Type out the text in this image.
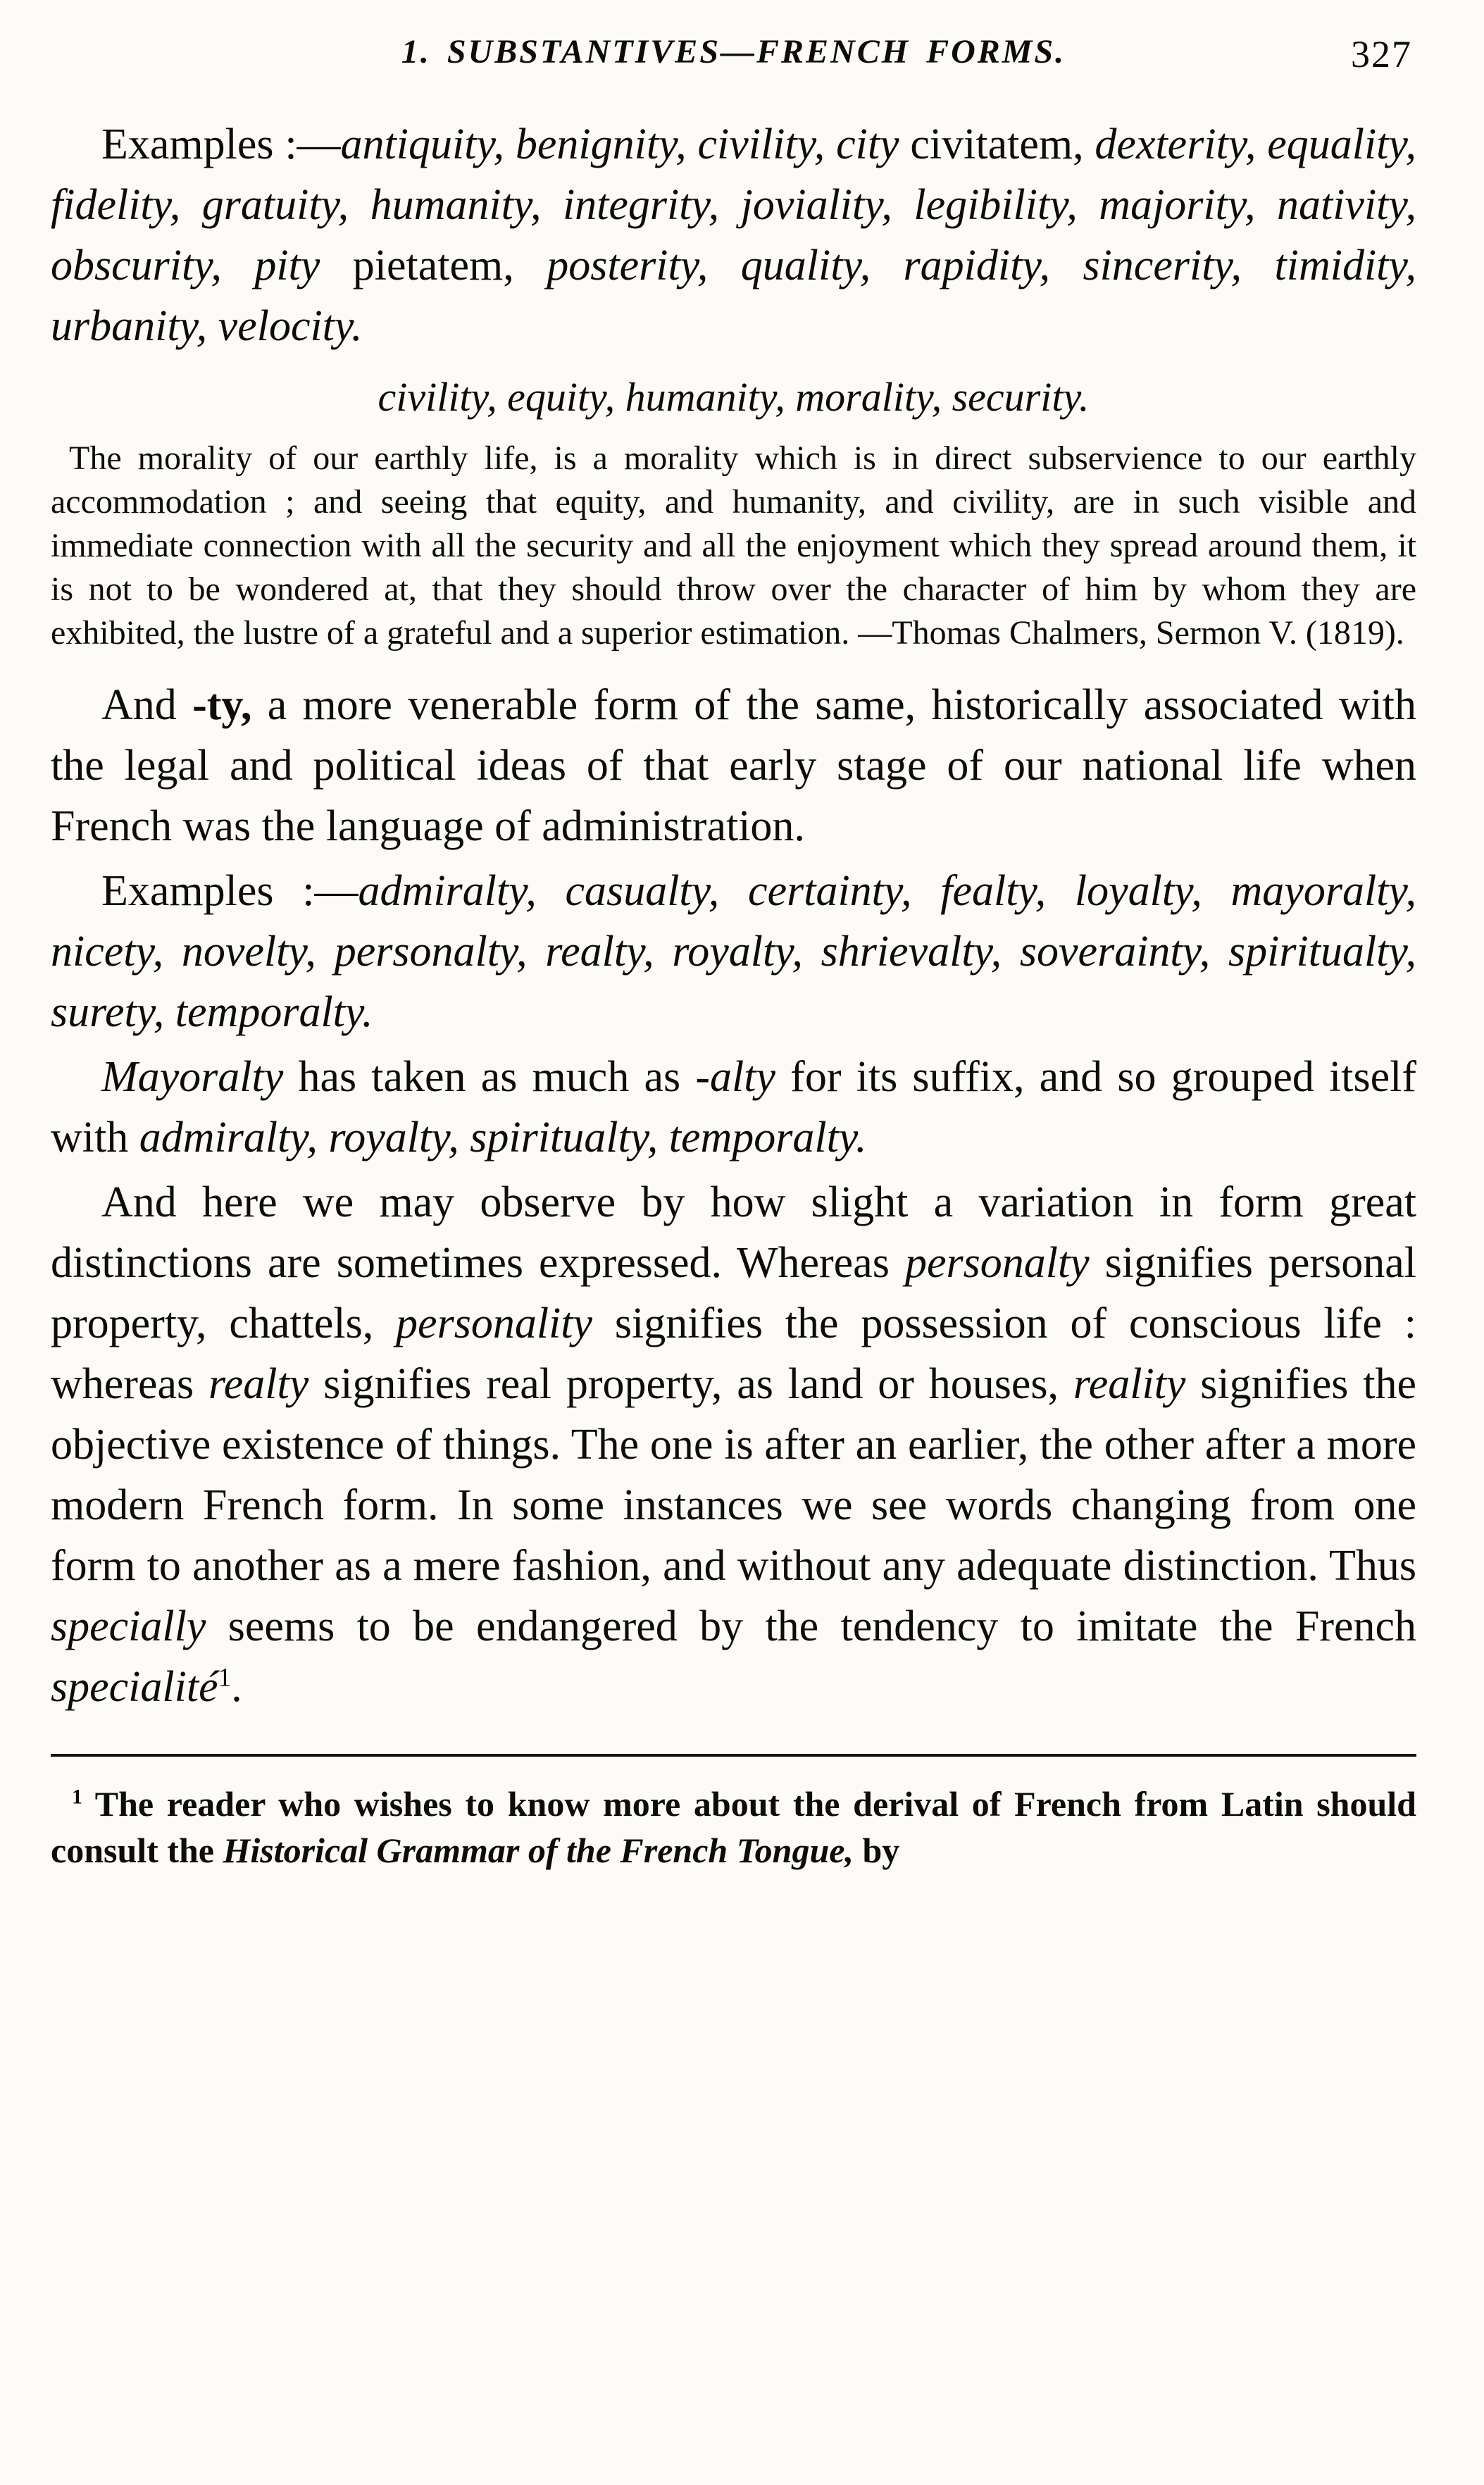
1. SUBSTANTIVES—FRENCH FORMS.	327

Examples :—antiquity, benignity, civility, city civitatem, dexterity, equality, fidelity, gratuity, humanity, integrity, joviality, legibility, majority, nativity, obscurity, pity pietatem, posterity, quality, rapidity, sincerity, timidity, urbanity, velocity.

civility, equity, humanity, morality, security.

The morality of our earthly life, is a morality which is in direct subservience to our earthly accommodation ; and seeing that equity, and humanity, and civility, are in such visible and immediate connection with all the security and all the enjoyment which they spread around them, it is not to be wondered at, that they should throw over the character of him by whom they are exhibited, the lustre of a grateful and a superior estimation. —Thomas Chalmers, Sermon V. (1819).

And -ty, a more venerable form of the same, historically associated with the legal and political ideas of that early stage of our national life when French was the language of administration.

Examples :—admiralty, casualty, certainty, fealty, loyalty, mayoralty, nicety, novelty, personalty, realty, royalty, shrievalty, soverainty, spiritualty, surety, temporalty.

Mayoralty has taken as much as -alty for its suffix, and so grouped itself with admiralty, royalty, spiritualty, temporalty.

And here we may observe by how slight a variation in form great distinctions are sometimes expressed. Whereas personalty signifies personal property, chattels, personality signifies the possession of conscious life : whereas realty signifies real property, as land or houses, reality signifies the objective existence of things. The one is after an earlier, the other after a more modern French form. In some instances we see words changing from one form to another as a mere fashion, and without any adequate distinction. Thus specially seems to be endangered by the tendency to imitate the French specialité$^1$.

$^1$ The reader who wishes to know more about the derival of French from Latin should consult the Historical Grammar of the French Tongue, by
